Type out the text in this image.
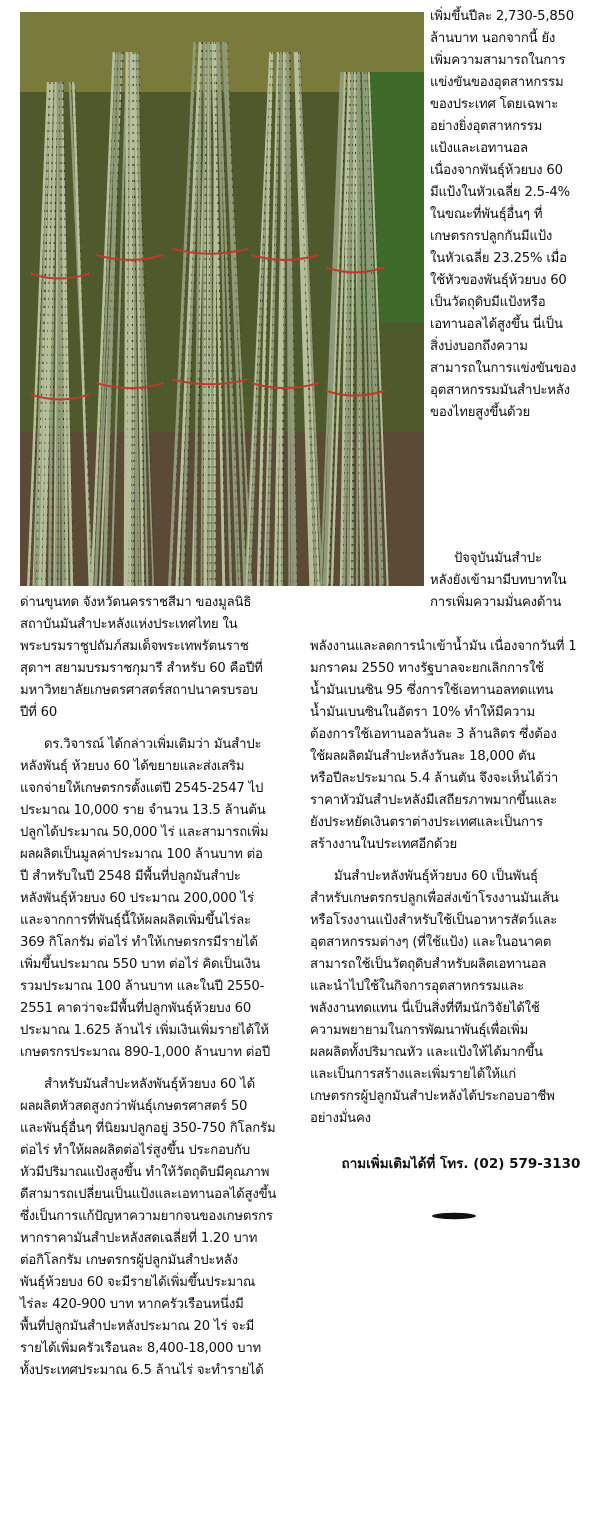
เพิ่มขึ้นปีละ 2,730-5,850
ล้านบาท นอกจากนี้ ยัง
เพิ่มความสามารถในการ
แข่งขันของอุตสาหกรรม
ของประเทศ โดยเฉพาะ
อย่างยิ่งอุตสาหกรรม
แป้งและเอทานอล
เนื่องจากพันธุ์ห้วยบง 60
มีแป้งในหัวเฉลี่ย 2.5-4%
ในขณะที่พันธุ์อื่นๆ ที่
เกษตรกรปลูกกันมีแป้ง
ในหัวเฉลี่ย 23.25% เมื่อ
ใช้หัวของพันธุ์ห้วยบง 60
เป็นวัตถุดิบมีแป้งหรือ
เอทานอลได้สูงขึ้น นี่เป็น
สิ่งบ่งบอกถึงความ
สามารถในการแข่งขันของ
อุตสาหกรรมมันสำปะหลัง
ของไทยสูงขึ้นด้วย
ปัจจุบันมันสำปะ
หลังยังเข้ามามีบทบาทใน
การเพิ่มความมั่นคงด้าน
ด่านขุนทด จังหวัดนครราชสีมา ของมูลนิธิ
สถาบันมันสำปะหลังแห่งประเทศไทย ใน
พระบรมราชูปถัมภ์สมเด็จพระเทพรัตนราช
สุดาฯ สยามบรมราชกุมารี สำหรับ 60 คือปีที่
มหาวิทยาลัยเกษตรศาสตร์สถาปนาครบรอบ
ปีที่ 60
ดร.วิจารณ์ ได้กล่าวเพิ่มเติมว่า มันสำปะ
หลังพันธุ์ ห้วยบง 60 ได้ขยายและส่งเสริม
แจกจ่ายให้เกษตรกรตั้งแต่ปี 2545-2547 ไป
ประมาณ 10,000 ราย จำนวน 13.5 ล้านต้น
ปลูกได้ประมาณ 50,000 ไร่ และสามารถเพิ่ม
ผลผลิตเป็นมูลค่าประมาณ 100 ล้านบาท ต่อ
ปี สำหรับในปี 2548 มีพื้นที่ปลูกมันสำปะ
หลังพันธุ์ห้วยบง 60 ประมาณ 200,000 ไร่
และจากการที่พันธุ์นี้ให้ผลผลิตเพิ่มขึ้นไร่ละ
369 กิโลกรัม ต่อไร่ ทำให้เกษตรกรมีรายได้
เพิ่มขึ้นประมาณ 550 บาท ต่อไร่ คิดเป็นเงิน
รวมประมาณ 100 ล้านบาท และในปี 2550-
2551 คาดว่าจะมีพื้นที่ปลูกพันธุ์ห้วยบง 60
ประมาณ 1.625 ล้านไร่ เพิ่มเงินเพิ่มรายได้ให้
เกษตรกรประมาณ 890-1,000 ล้านบาท ต่อปี
สำหรับมันสำปะหลังพันธุ์ห้วยบง 60 ได้
ผลผลิตหัวสดสูงกว่าพันธุ์เกษตรศาสตร์ 50
และพันธุ์อื่นๆ ที่นิยมปลูกอยู่ 350-750 กิโลกรัม
ต่อไร่ ทำให้ผลผลิตต่อไร่สูงขึ้น ประกอบกับ
หัวมีปริมาณแป้งสูงขึ้น ทำให้วัตถุดิบมีคุณภาพ
ดีสามารถเปลี่ยนเป็นแป้งและเอทานอลได้สูงขึ้น
ซึ่งเป็นการแก้ปัญหาความยากจนของเกษตรกร
หากราคามันสำปะหลังสดเฉลี่ยที่ 1.20 บาท
ต่อกิโลกรัม เกษตรกรผู้ปลูกมันสำปะหลัง
พันธุ์ห้วยบง 60 จะมีรายได้เพิ่มขึ้นประมาณ
ไร่ละ 420-900 บาท หากครัวเรือนหนึ่งมี
พื้นที่ปลูกมันสำปะหลังประมาณ 20 ไร่ จะมี
รายได้เพิ่มครัวเรือนละ 8,400-18,000 บาท
ทั้งประเทศประมาณ 6.5 ล้านไร่ จะทำรายได้
พลังงานและลดการนำเข้าน้ำมัน เนื่องจากวันที่ 1
มกราคม 2550 ทางรัฐบาลจะยกเลิกการใช้
น้ำมันเบนซิน 95 ซึ่งการใช้เอทานอลทดแทน
น้ำมันเบนซินในอัตรา 10% ทำให้มีความ
ต้องการใช้เอทานอลวันละ 3 ล้านลิตร ซึ่งต้อง
ใช้ผลผลิตมันสำปะหลังวันละ 18,000 ตัน
หรือปีละประมาณ 5.4 ล้านตัน จึงจะเห็นได้ว่า
ราคาหัวมันสำปะหลังมีเสถียรภาพมากขึ้นและ
ยังประหยัดเงินตราต่างประเทศและเป็นการ
สร้างงานในประเทศอีกด้วย
มันสำปะหลังพันธุ์ห้วยบง 60 เป็นพันธุ์
สำหรับเกษตรกรปลูกเพื่อส่งเข้าโรงงานมันเส้น
หรือโรงงานแป้งสำหรับใช้เป็นอาหารสัตว์และ
อุตสาหกรรมต่างๆ (ที่ใช้แป้ง) และในอนาคต
สามารถใช้เป็นวัตถุดิบสำหรับผลิตเอทานอล
และนำไปใช้ในกิจการอุตสาหกรรมและ
พลังงานทดแทน นี่เป็นสิ่งที่ทีมนักวิจัยได้ใช้
ความพยายามในการพัฒนาพันธุ์เพื่อเพิ่ม
ผลผลิตทั้งปริมาณหัว และแป้งให้ได้มากขึ้น
และเป็นการสร้างและเพิ่มรายได้ให้แก่
เกษตรกรผู้ปลูกมันสำปะหลังได้ประกอบอาชีพ
อย่างมั่นคง
ถามเพิ่มเติมได้ที่ โทร. (02) 579-3130
